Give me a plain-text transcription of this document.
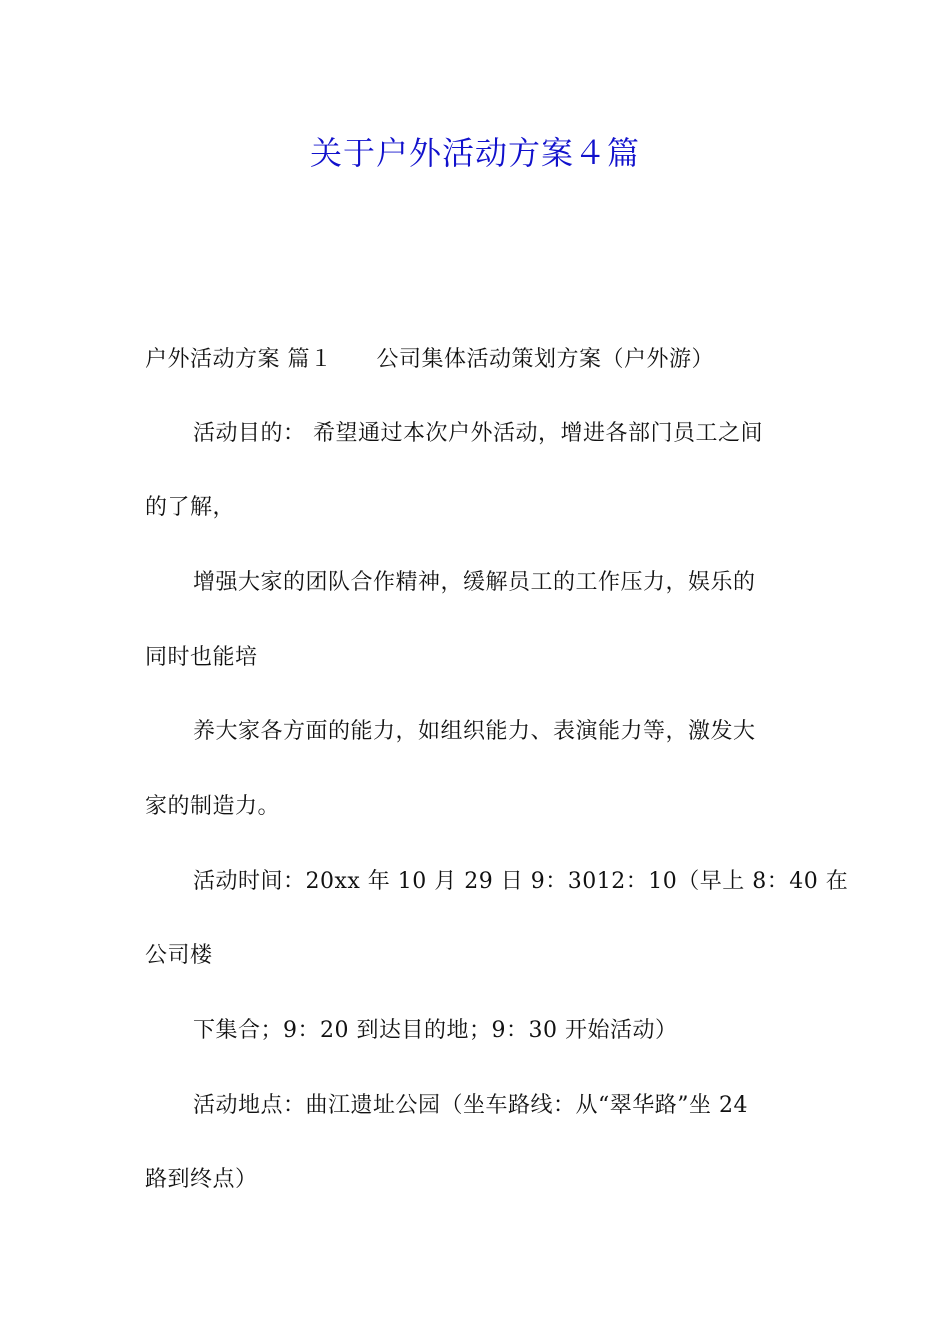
关于户外活动方案４篇
户外活动方案 篇１ 公司集体活动策划方案（户外游）
活动目的： 希望通过本次户外活动，增进各部门员工之间
的了解，
增强大家的团队合作精神，缓解员工的工作压力，娱乐的
同时也能培
养大家各方面的能力，如组织能力、表演能力等，激发大
家的制造力。
活动时间：20xx 年 10 月 29 日 9：3012：10（早上 8：40 在
公司楼
下集合；9：20 到达目的地；9：30 开始活动）
活动地点：曲江遗址公园（坐车路线：从“翠华路”坐 24
路到终点）
